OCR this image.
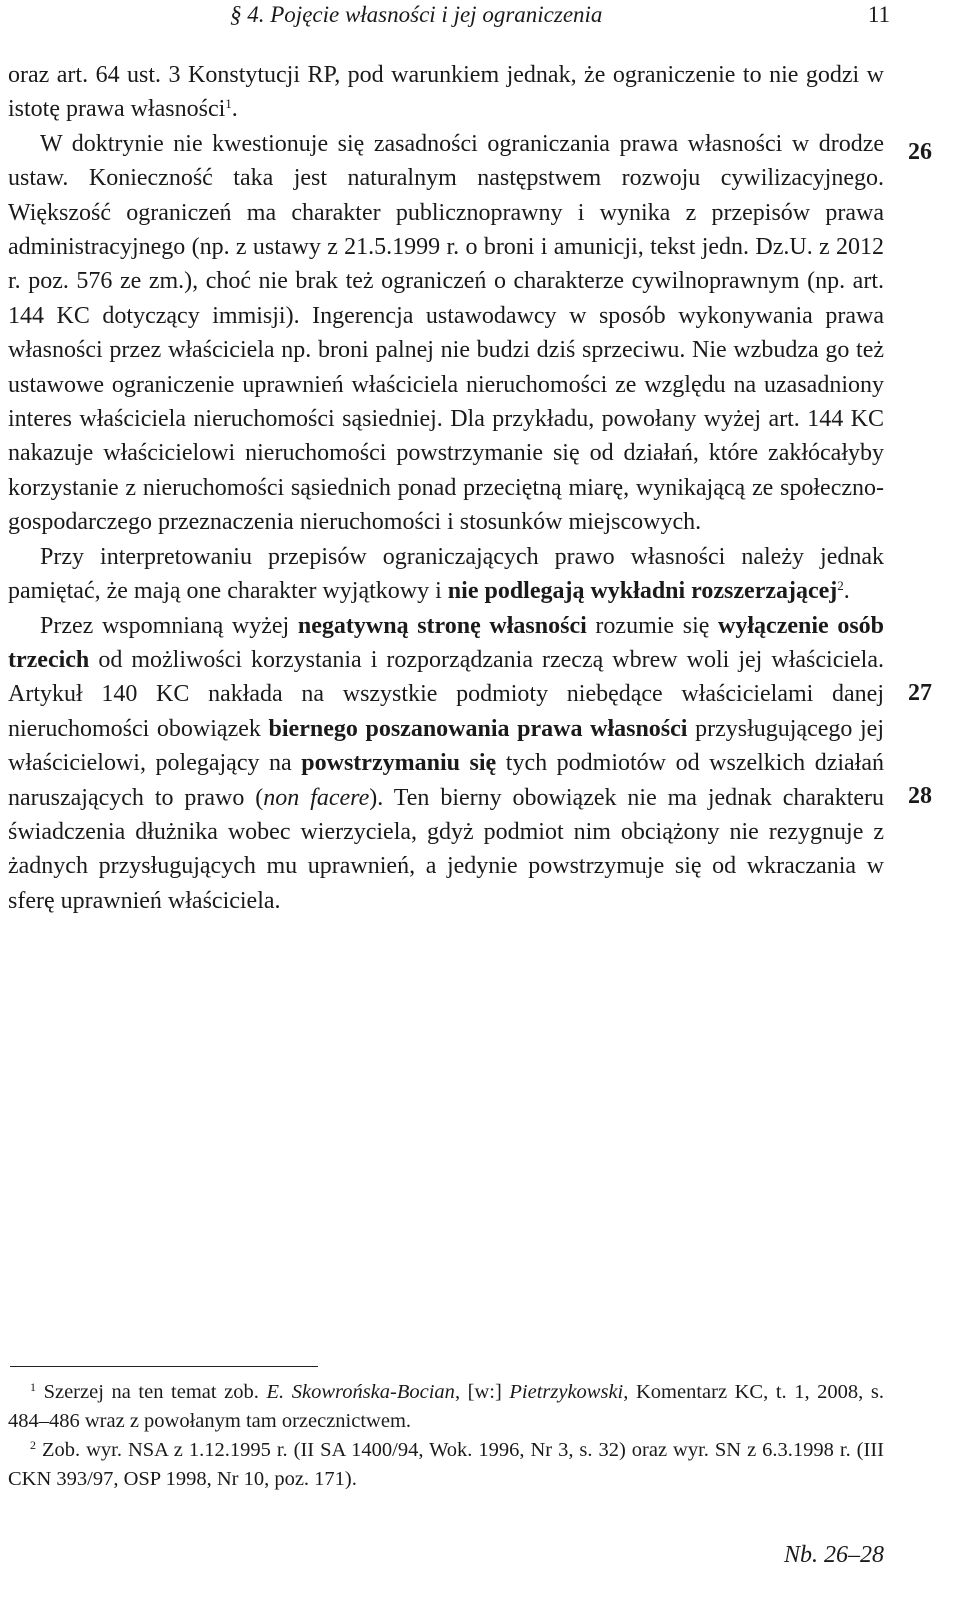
§ 4. Pojęcie własności i jej ograniczenia	11

oraz art. 64 ust. 3 Konstytucji RP, pod warunkiem jednak, że ograniczenie to nie godzi w istotę prawa własności$^1$.

W doktrynie nie kwestionuje się zasadności ograniczania prawa własności w drodze ustaw. Konieczność taka jest naturalnym następstwem rozwoju cywilizacyjnego. Większość ograniczeń ma charakter publicznoprawny i wynika z przepisów prawa administracyjnego (np. z ustawy z 21.5.1999 r. o broni i amunicji, tekst jedn. Dz.U. z 2012 r. poz. 576 ze zm.), choć nie brak też ograniczeń o charakterze cywilnoprawnym (np. art. 144 KC dotyczący immisji). Ingerencja ustawodawcy w sposób wykonywania prawa własności przez właściciela np. broni palnej nie budzi dziś sprzeciwu. Nie wzbudza go też ustawowe ograniczenie uprawnień właściciela nieruchomości ze względu na uzasadniony interes właściciela nieruchomości sąsiedniej. Dla przykładu, powołany wyżej art. 144 KC nakazuje właścicielowi nieruchomości powstrzymanie się od działań, które zakłócałyby korzystanie z nieruchomości sąsiednich ponad przeciętną miarę, wynikającą ze społeczno-gospodarczego przeznaczenia nieruchomości i stosunków miejscowych.

Przy interpretowaniu przepisów ograniczających prawo własności należy jednak pamiętać, że mają one charakter wyjątkowy i nie podlegają wykładni rozszerzającej$^2$.

Przez wspomnianą wyżej negatywną stronę własności rozumie się wyłączenie osób trzecich od możliwości korzystania i rozporządzania rzeczą wbrew woli jej właściciela. Artykuł 140 KC nakłada na wszystkie podmioty niebędące właścicielami danej nieruchomości obowiązek biernego poszanowania prawa własności przysługującego jej właścicielowi, polegający na powstrzymaniu się tych podmiotów od wszelkich działań naruszających to prawo (non facere). Ten bierny obowiązek nie ma jednak charakteru świadczenia dłużnika wobec wierzyciela, gdyż podmiot nim obciążony nie rezygnuje z żadnych przysługujących mu uprawnień, a jedynie powstrzymuje się od wkraczania w sferę uprawnień właściciela.

26
27
28

$^1$ Szerzej na ten temat zob. E. Skowrońska-Bocian, [w:] Pietrzykowski, Komentarz KC, t. 1, 2008, s. 484–486 wraz z powołanym tam orzecznictwem.

$^2$ Zob. wyr. NSA z 1.12.1995 r. (II SA 1400/94, Wok. 1996, Nr 3, s. 32) oraz wyr. SN z 6.3.1998 r. (III CKN 393/97, OSP 1998, Nr 10, poz. 171).

Nb. 26–28
